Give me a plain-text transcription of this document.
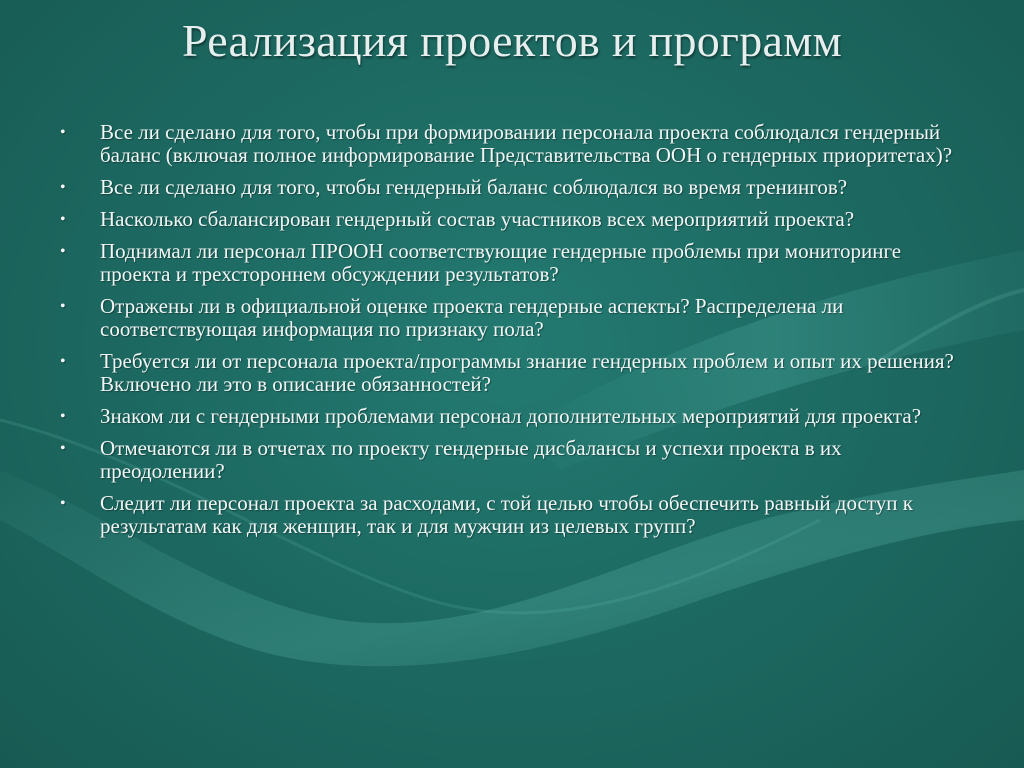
Реализация проектов и программ
• Все ли сделано для того, чтобы при формировании персонала проекта соблюдался гендерный баланс (включая полное информирование Представительства ООН о гендерных приоритетах)?
• Все ли сделано для того, чтобы гендерный баланс соблюдался во время тренингов?
• Насколько сбалансирован гендерный состав участников всех мероприятий проекта?
• Поднимал ли персонал ПРООН соответствующие гендерные проблемы при мониторинге проекта и трехстороннем обсуждении результатов?
• Отражены ли в официальной оценке проекта гендерные аспекты? Распределена ли соответствующая информация по признаку пола?
• Требуется ли от персонала проекта/программы знание гендерных проблем и опыт их решения? Включено ли это в описание обязанностей?
• Знаком ли с гендерными проблемами персонал дополнительных мероприятий для проекта?
• Отмечаются ли в отчетах по проекту гендерные дисбалансы и успехи проекта в их преодолении?
• Следит ли персонал проекта за расходами, с той целью чтобы обеспечить равный доступ к результатам как для женщин, так и для мужчин из целевых групп?
